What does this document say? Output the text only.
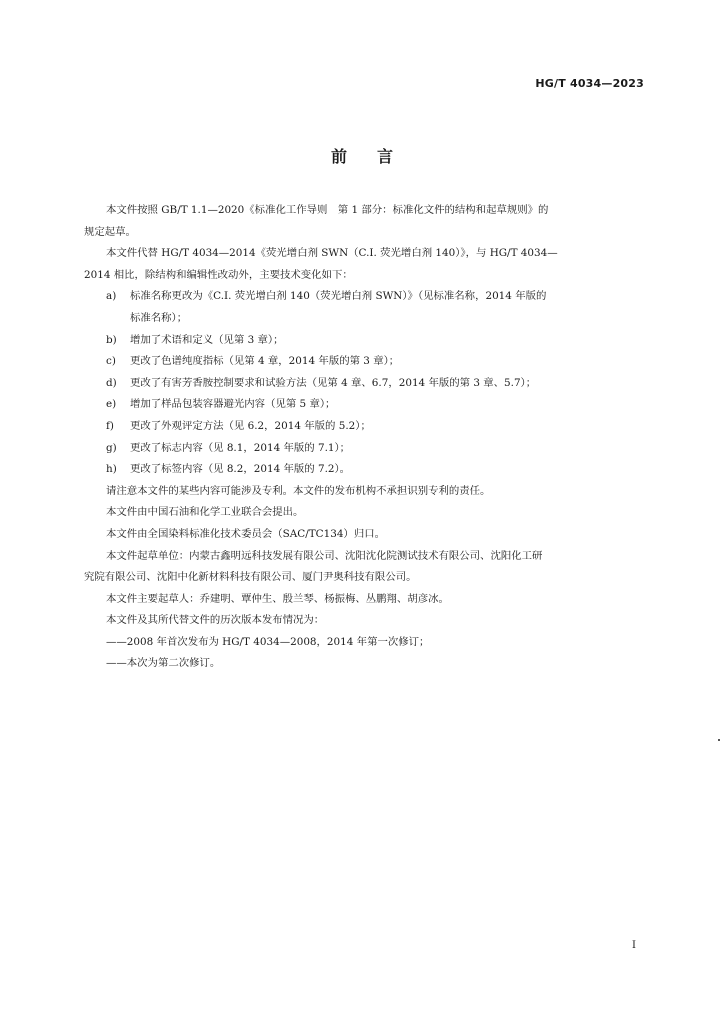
HG/T 4034—2023
前言
本文件按照 GB/T 1.1—2020《标准化工作导则　第 1 部分：标准化文件的结构和起草规则》的
规定起草。
本文件代替 HG/T 4034—2014《荧光增白剂 SWN（C.I. 荧光增白剂 140）》，与 HG/T 4034—
2014 相比，除结构和编辑性改动外，主要技术变化如下：
a) 标准名称更改为《C.I. 荧光增白剂 140（荧光增白剂 SWN）》（见标准名称，2014 年版的
标准名称）；
b) 增加了术语和定义（见第 3 章）；
c) 更改了色谱纯度指标（见第 4 章，2014 年版的第 3 章）；
d) 更改了有害芳香胺控制要求和试验方法（见第 4 章、6.7，2014 年版的第 3 章、5.7）；
e) 增加了样品包装容器避光内容（见第 5 章）；
f) 更改了外观评定方法（见 6.2，2014 年版的 5.2）；
g) 更改了标志内容（见 8.1，2014 年版的 7.1）；
h) 更改了标签内容（见 8.2，2014 年版的 7.2）。
请注意本文件的某些内容可能涉及专利。本文件的发布机构不承担识别专利的责任。
本文件由中国石油和化学工业联合会提出。
本文件由全国染料标准化技术委员会（SAC/TC134）归口。
本文件起草单位：内蒙古鑫明远科技发展有限公司、沈阳沈化院测试技术有限公司、沈阳化工研
究院有限公司、沈阳中化新材料科技有限公司、厦门尹奥科技有限公司。
本文件主要起草人：乔建明、覃仲生、殷兰琴、杨振梅、丛鹏翔、胡彦冰。
本文件及其所代替文件的历次版本发布情况为：
——2008 年首次发布为 HG/T 4034—2008，2014 年第一次修订；
——本次为第二次修订。
I
